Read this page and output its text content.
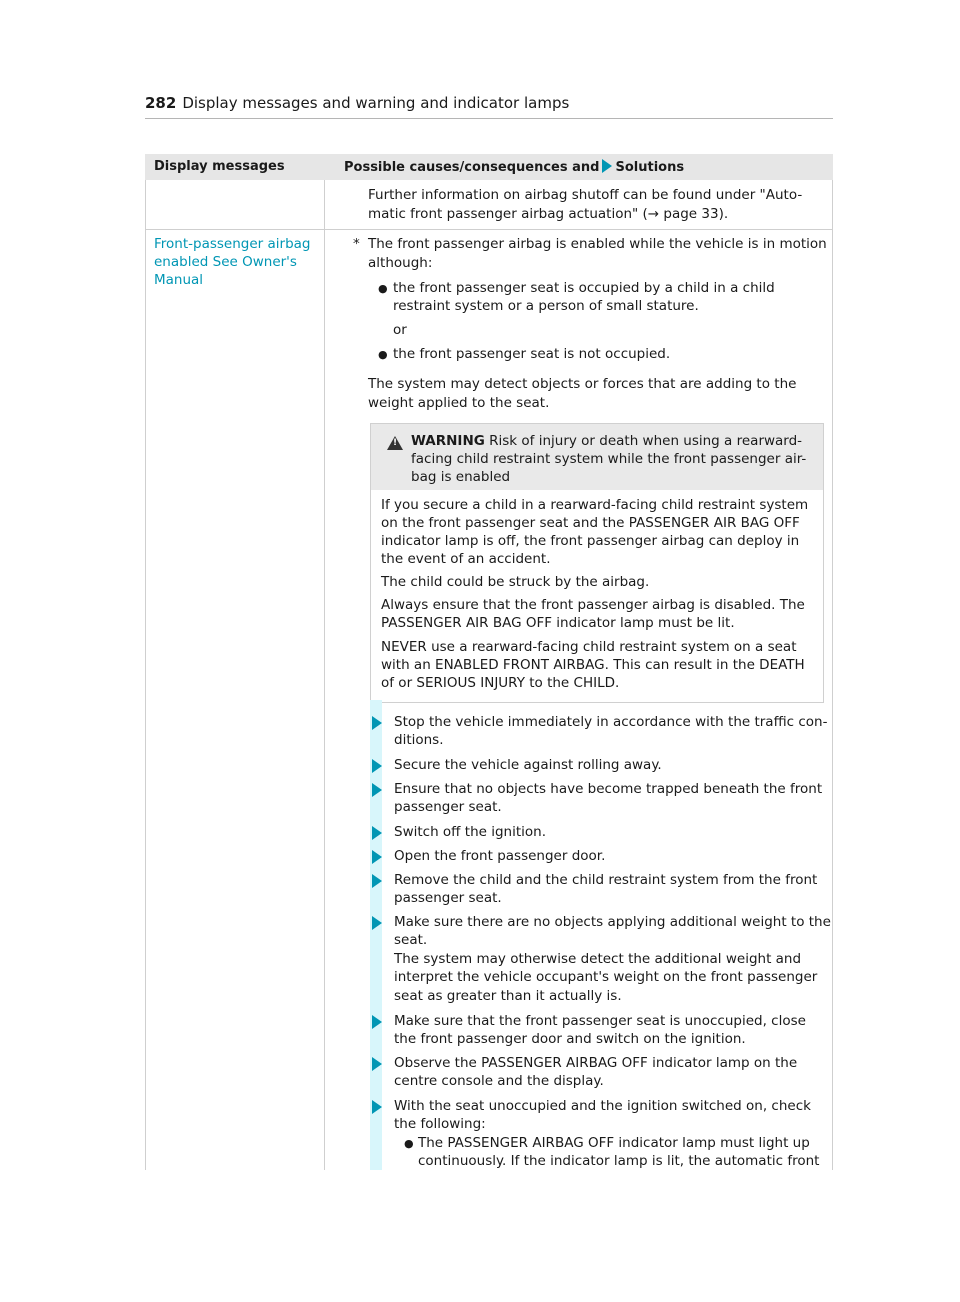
282 Display messages and warning and indicator lamps
Display messages	Possible causes/consequences and Solutions
Further information on airbag shutoff can be found under "Auto-
matic front passenger airbag actuation" (→ page 33).
Front-passenger airbag
enabled See Owner's
Manual
* The front passenger airbag is enabled while the vehicle is in motion
although:
● the front passenger seat is occupied by a child in a child
restraint system or a person of small stature.
or
● the front passenger seat is not occupied.
The system may detect objects or forces that are adding to the
weight applied to the seat.
!
WARNING Risk of injury or death when using a rearward-
facing child restraint system while the front passenger air-
bag is enabled
If you secure a child in a rearward-facing child restraint system
on the front passenger seat and the PASSENGER AIR BAG OFF
indicator lamp is off, the front passenger airbag can deploy in
the event of an accident.
The child could be struck by the airbag.
Always ensure that the front passenger airbag is disabled. The
PASSENGER AIR BAG OFF indicator lamp must be lit.
NEVER use a rearward-facing child restraint system on a seat
with an ENABLED FRONT AIRBAG. This can result in the DEATH
of or SERIOUS INJURY to the CHILD.
Stop the vehicle immediately in accordance with the traffic con-
ditions.
Secure the vehicle against rolling away.
Ensure that no objects have become trapped beneath the front
passenger seat.
Switch off the ignition.
Open the front passenger door.
Remove the child and the child restraint system from the front
passenger seat.
Make sure there are no objects applying additional weight to the
seat.
The system may otherwise detect the additional weight and
interpret the vehicle occupant's weight on the front passenger
seat as greater than it actually is.
Make sure that the front passenger seat is unoccupied, close
the front passenger door and switch on the ignition.
Observe the PASSENGER AIRBAG OFF indicator lamp on the
centre console and the display.
With the seat unoccupied and the ignition switched on, check
the following:
● The PASSENGER AIRBAG OFF indicator lamp must light up
continuously. If the indicator lamp is lit, the automatic front
